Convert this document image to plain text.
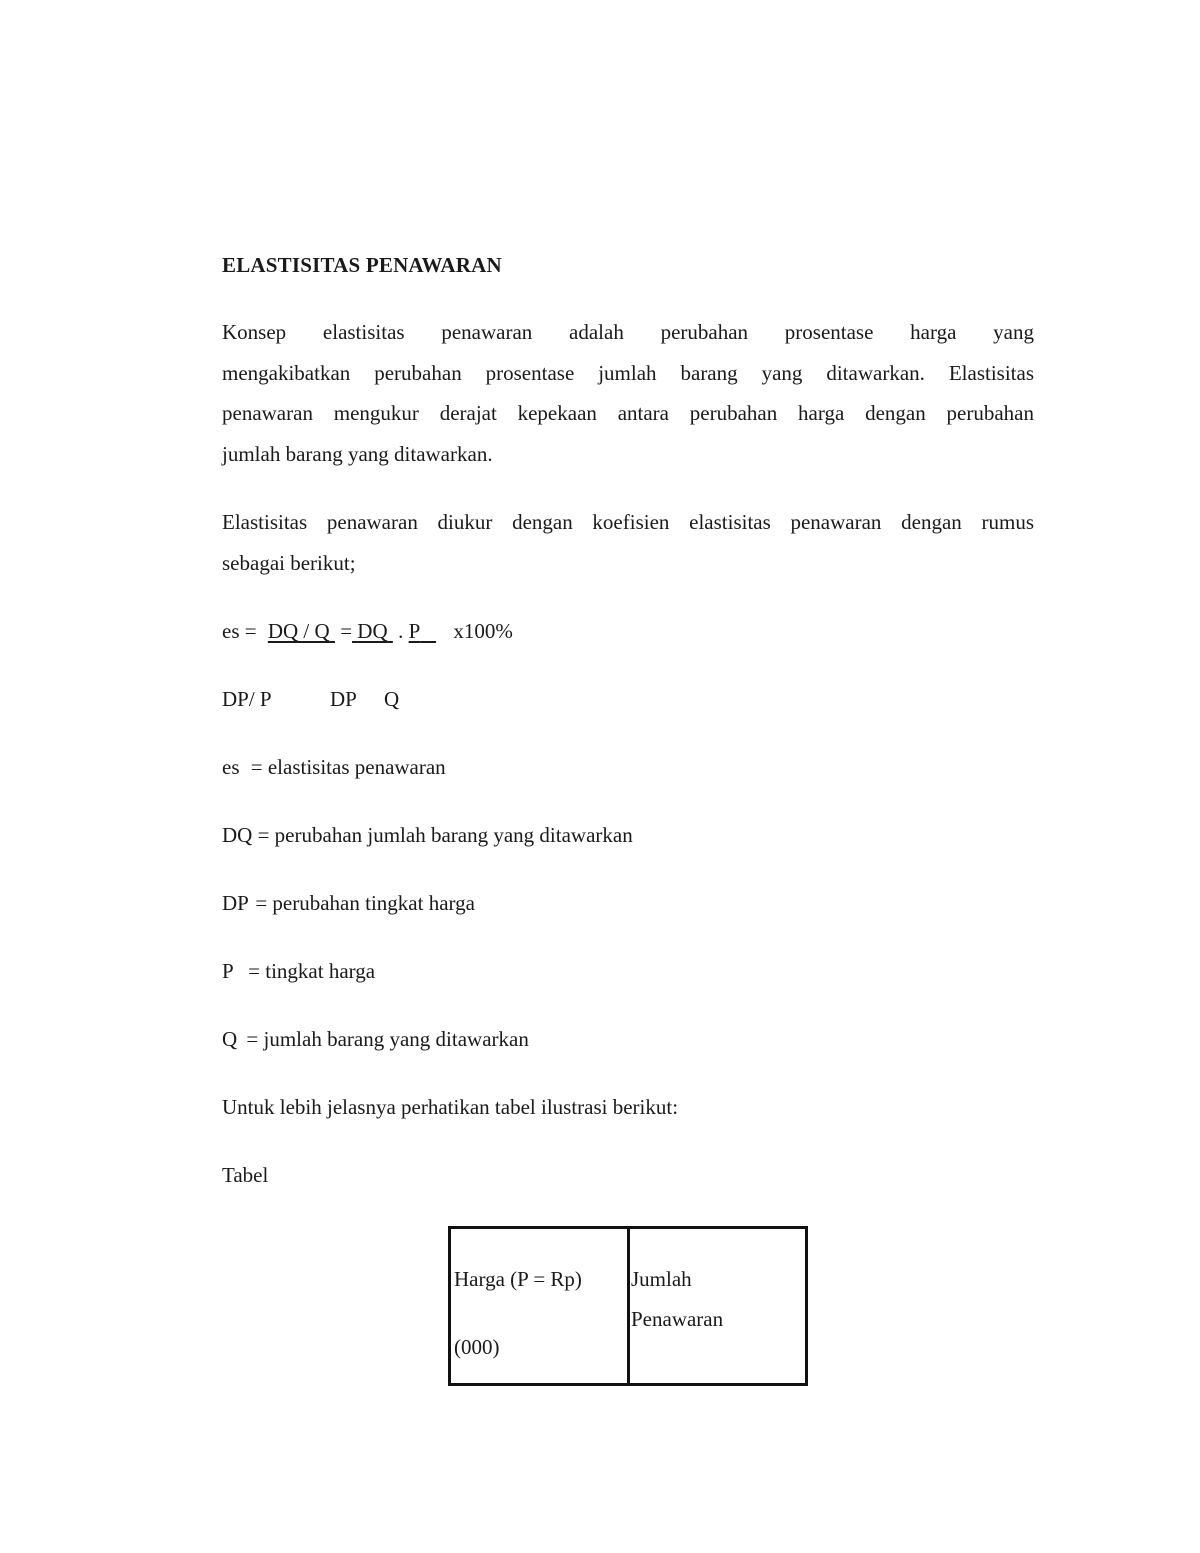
ELASTISITAS PENAWARAN
Konsep elastisitas penawaran adalah perubahan prosentase harga yang
mengakibatkan perubahan prosentase jumlah barang yang ditawarkan. Elastisitas
penawaran mengukur derajat kepekaan antara perubahan harga dengan perubahan
jumlah barang yang ditawarkan.
Elastisitas penawaran diukur dengan koefisien elastisitas penawaran dengan rumus
sebagai berikut;
es = DQ / Q = DQ . P x100%
DP/ P	DP Q
es = elastisitas penawaran
DQ = perubahan jumlah barang yang ditawarkan
DP = perubahan tingkat harga
P = tingkat harga
Q = jumlah barang yang ditawarkan
Untuk lebih jelasnya perhatikan tabel ilustrasi berikut:
Tabel
Harga (P = Rp)
(000)
Jumlah
Penawaran
